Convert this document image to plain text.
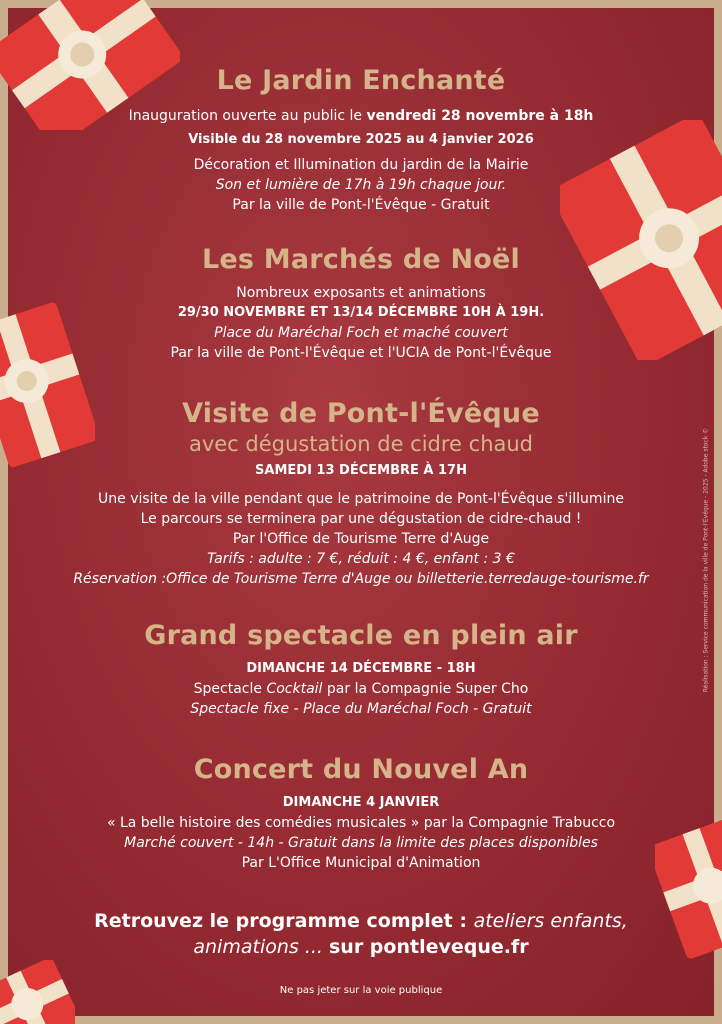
Le Jardin Enchanté
Inauguration ouverte au public le vendredi 28 novembre à 18h
Visible du 28 novembre 2025 au 4 janvier 2026
Décoration et Illumination du jardin de la Mairie
Son et lumière de 17h à 19h chaque jour.
Par la ville de Pont-l'Évêque - Gratuit
Les Marchés de Noël
Nombreux exposants et animations
29/30 NOVEMBRE ET 13/14 DÉCEMBRE 10H À 19H.
Place du Maréchal Foch et maché couvert
Par la ville de Pont-l'Évêque et l'UCIA de Pont-l'Évêque
Visite de Pont-l'Évêque
avec dégustation de cidre chaud
SAMEDI 13 DÉCEMBRE À 17H
Une visite de la ville pendant que le patrimoine de Pont-l'Évêque s'illumine
Le parcours se terminera par une dégustation de cidre-chaud !
Par l'Office de Tourisme Terre d'Auge
Tarifs : adulte : 7 €, réduit : 4 €, enfant : 3 €
Réservation :Office de Tourisme Terre d'Auge ou billetterie.terredauge-tourisme.fr
Grand spectacle en plein air
DIMANCHE 14 DÉCEMBRE - 18H
Spectacle Cocktail par la Compagnie Super Cho
Spectacle fixe - Place du Maréchal Foch - Gratuit
Concert du Nouvel An
DIMANCHE 4 JANVIER
« La belle histoire des comédies musicales » par la Compagnie Trabucco
Marché couvert - 14h - Gratuit dans la limite des places disponibles
Par L'Office Municipal d'Animation
Retrouvez le programme complet : ateliers enfants,
animations ... sur pontleveque.fr
Ne pas jeter sur la voie publique
Réalisation : Service communication de la ville de Pont-l'Évêque - 2025 - Adobe stock ©
